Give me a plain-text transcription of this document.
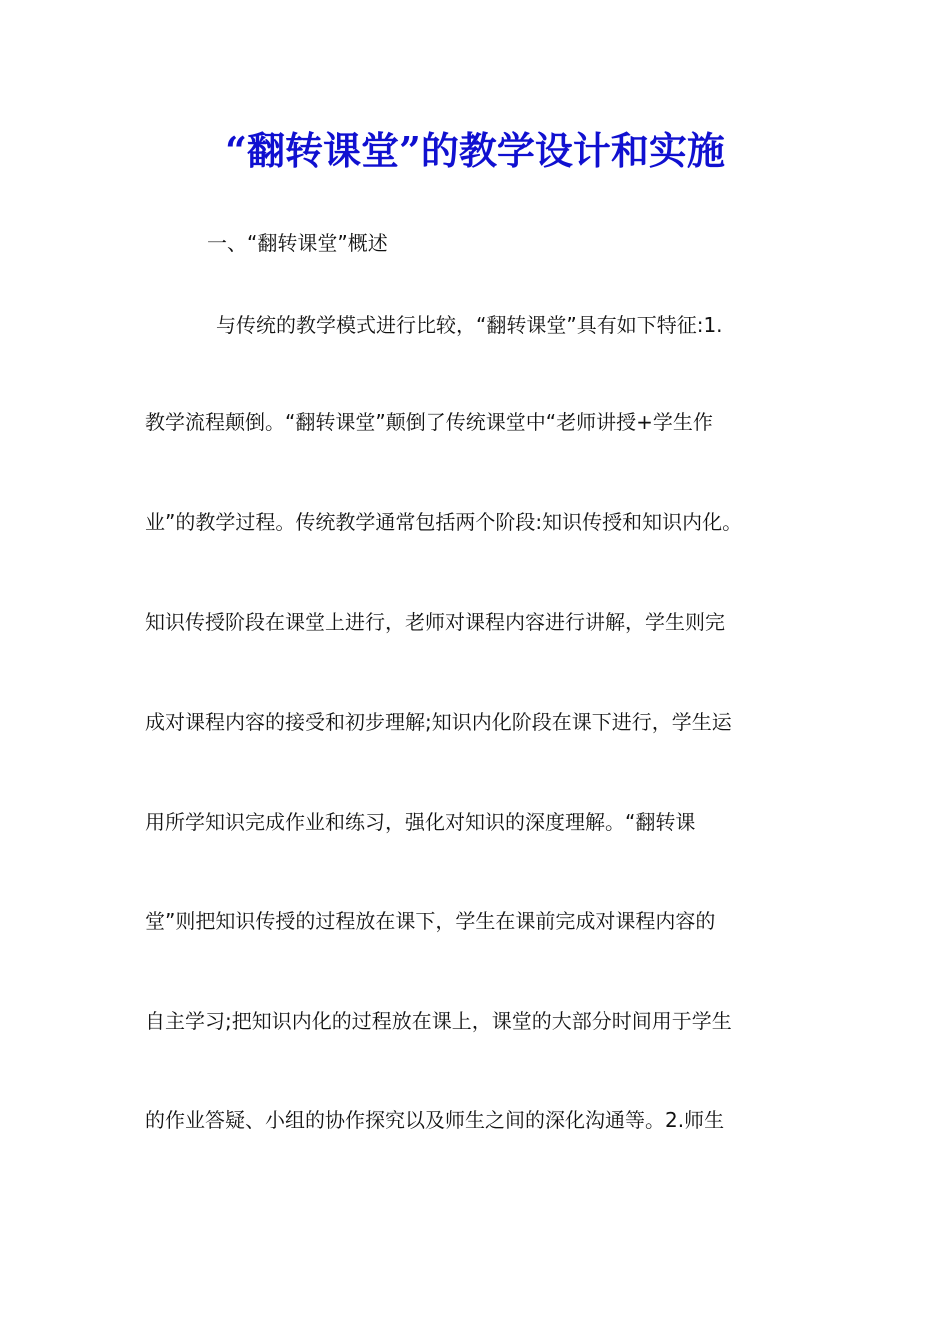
“翻转课堂”的教学设计和实施
一、“翻转课堂”概述
与传统的教学模式进行比较，“翻转课堂”具有如下特征:1.
教学流程颠倒。“翻转课堂”颠倒了传统课堂中“老师讲授+学生作
业”的教学过程。传统教学通常包括两个阶段:知识传授和知识内化。
知识传授阶段在课堂上进行，老师对课程内容进行讲解，学生则完
成对课程内容的接受和初步理解;知识内化阶段在课下进行，学生运
用所学知识完成作业和练习，强化对知识的深度理解。“翻转课
堂”则把知识传授的过程放在课下，学生在课前完成对课程内容的
自主学习;把知识内化的过程放在课上，课堂的大部分时间用于学生
的作业答疑、小组的协作探究以及师生之间的深化沟通等。2.师生
